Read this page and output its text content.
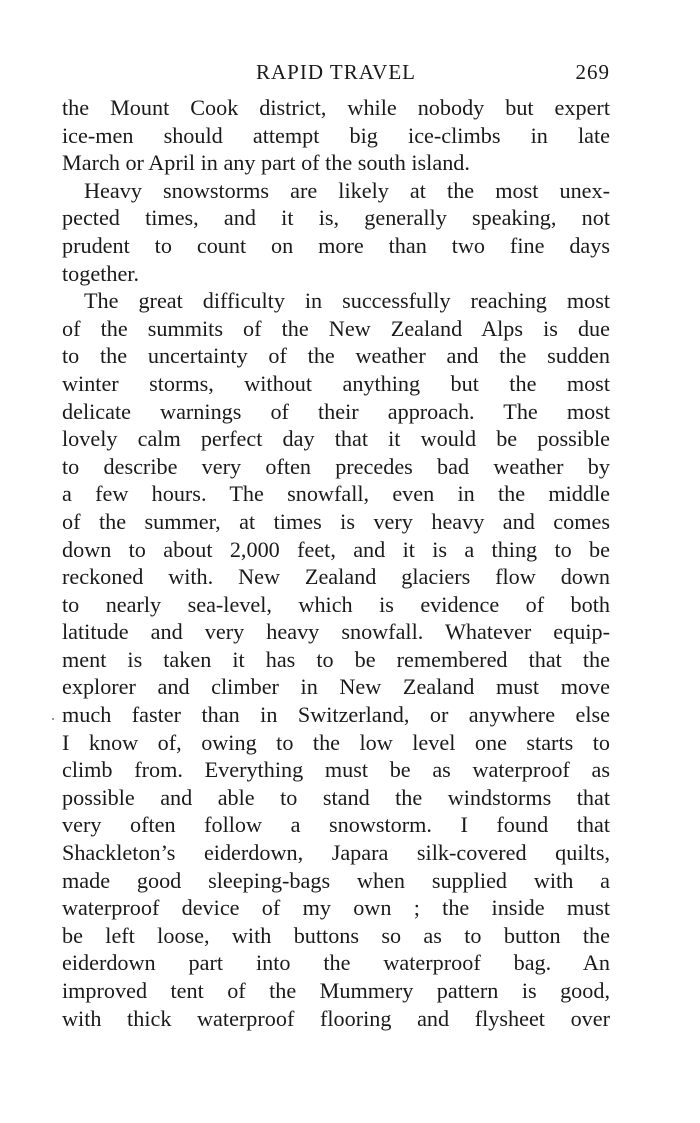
RAPID TRAVEL	269
the Mount Cook district, while nobody but expert
ice-men should attempt big ice-climbs in late
March or April in any part of the south island.
Heavy snowstorms are likely at the most unex-
pected times, and it is, generally speaking, not
prudent to count on more than two fine days
together.
The great difficulty in successfully reaching most
of the summits of the New Zealand Alps is due
to the uncertainty of the weather and the sudden
winter storms, without anything but the most
delicate warnings of their approach. The most
lovely calm perfect day that it would be possible
to describe very often precedes bad weather by
a few hours. The snowfall, even in the middle
of the summer, at times is very heavy and comes
down to about 2,000 feet, and it is a thing to be
reckoned with. New Zealand glaciers flow down
to nearly sea-level, which is evidence of both
latitude and very heavy snowfall. Whatever equip-
ment is taken it has to be remembered that the
explorer and climber in New Zealand must move
much faster than in Switzerland, or anywhere else
I know of, owing to the low level one starts to
climb from. Everything must be as waterproof as
possible and able to stand the windstorms that
very often follow a snowstorm. I found that
Shackleton’s eiderdown, Japara silk-covered quilts,
made good sleeping-bags when supplied with a
waterproof device of my own ; the inside must
be left loose, with buttons so as to button the
eiderdown part into the waterproof bag. An
improved tent of the Mummery pattern is good,
with thick waterproof flooring and flysheet over
